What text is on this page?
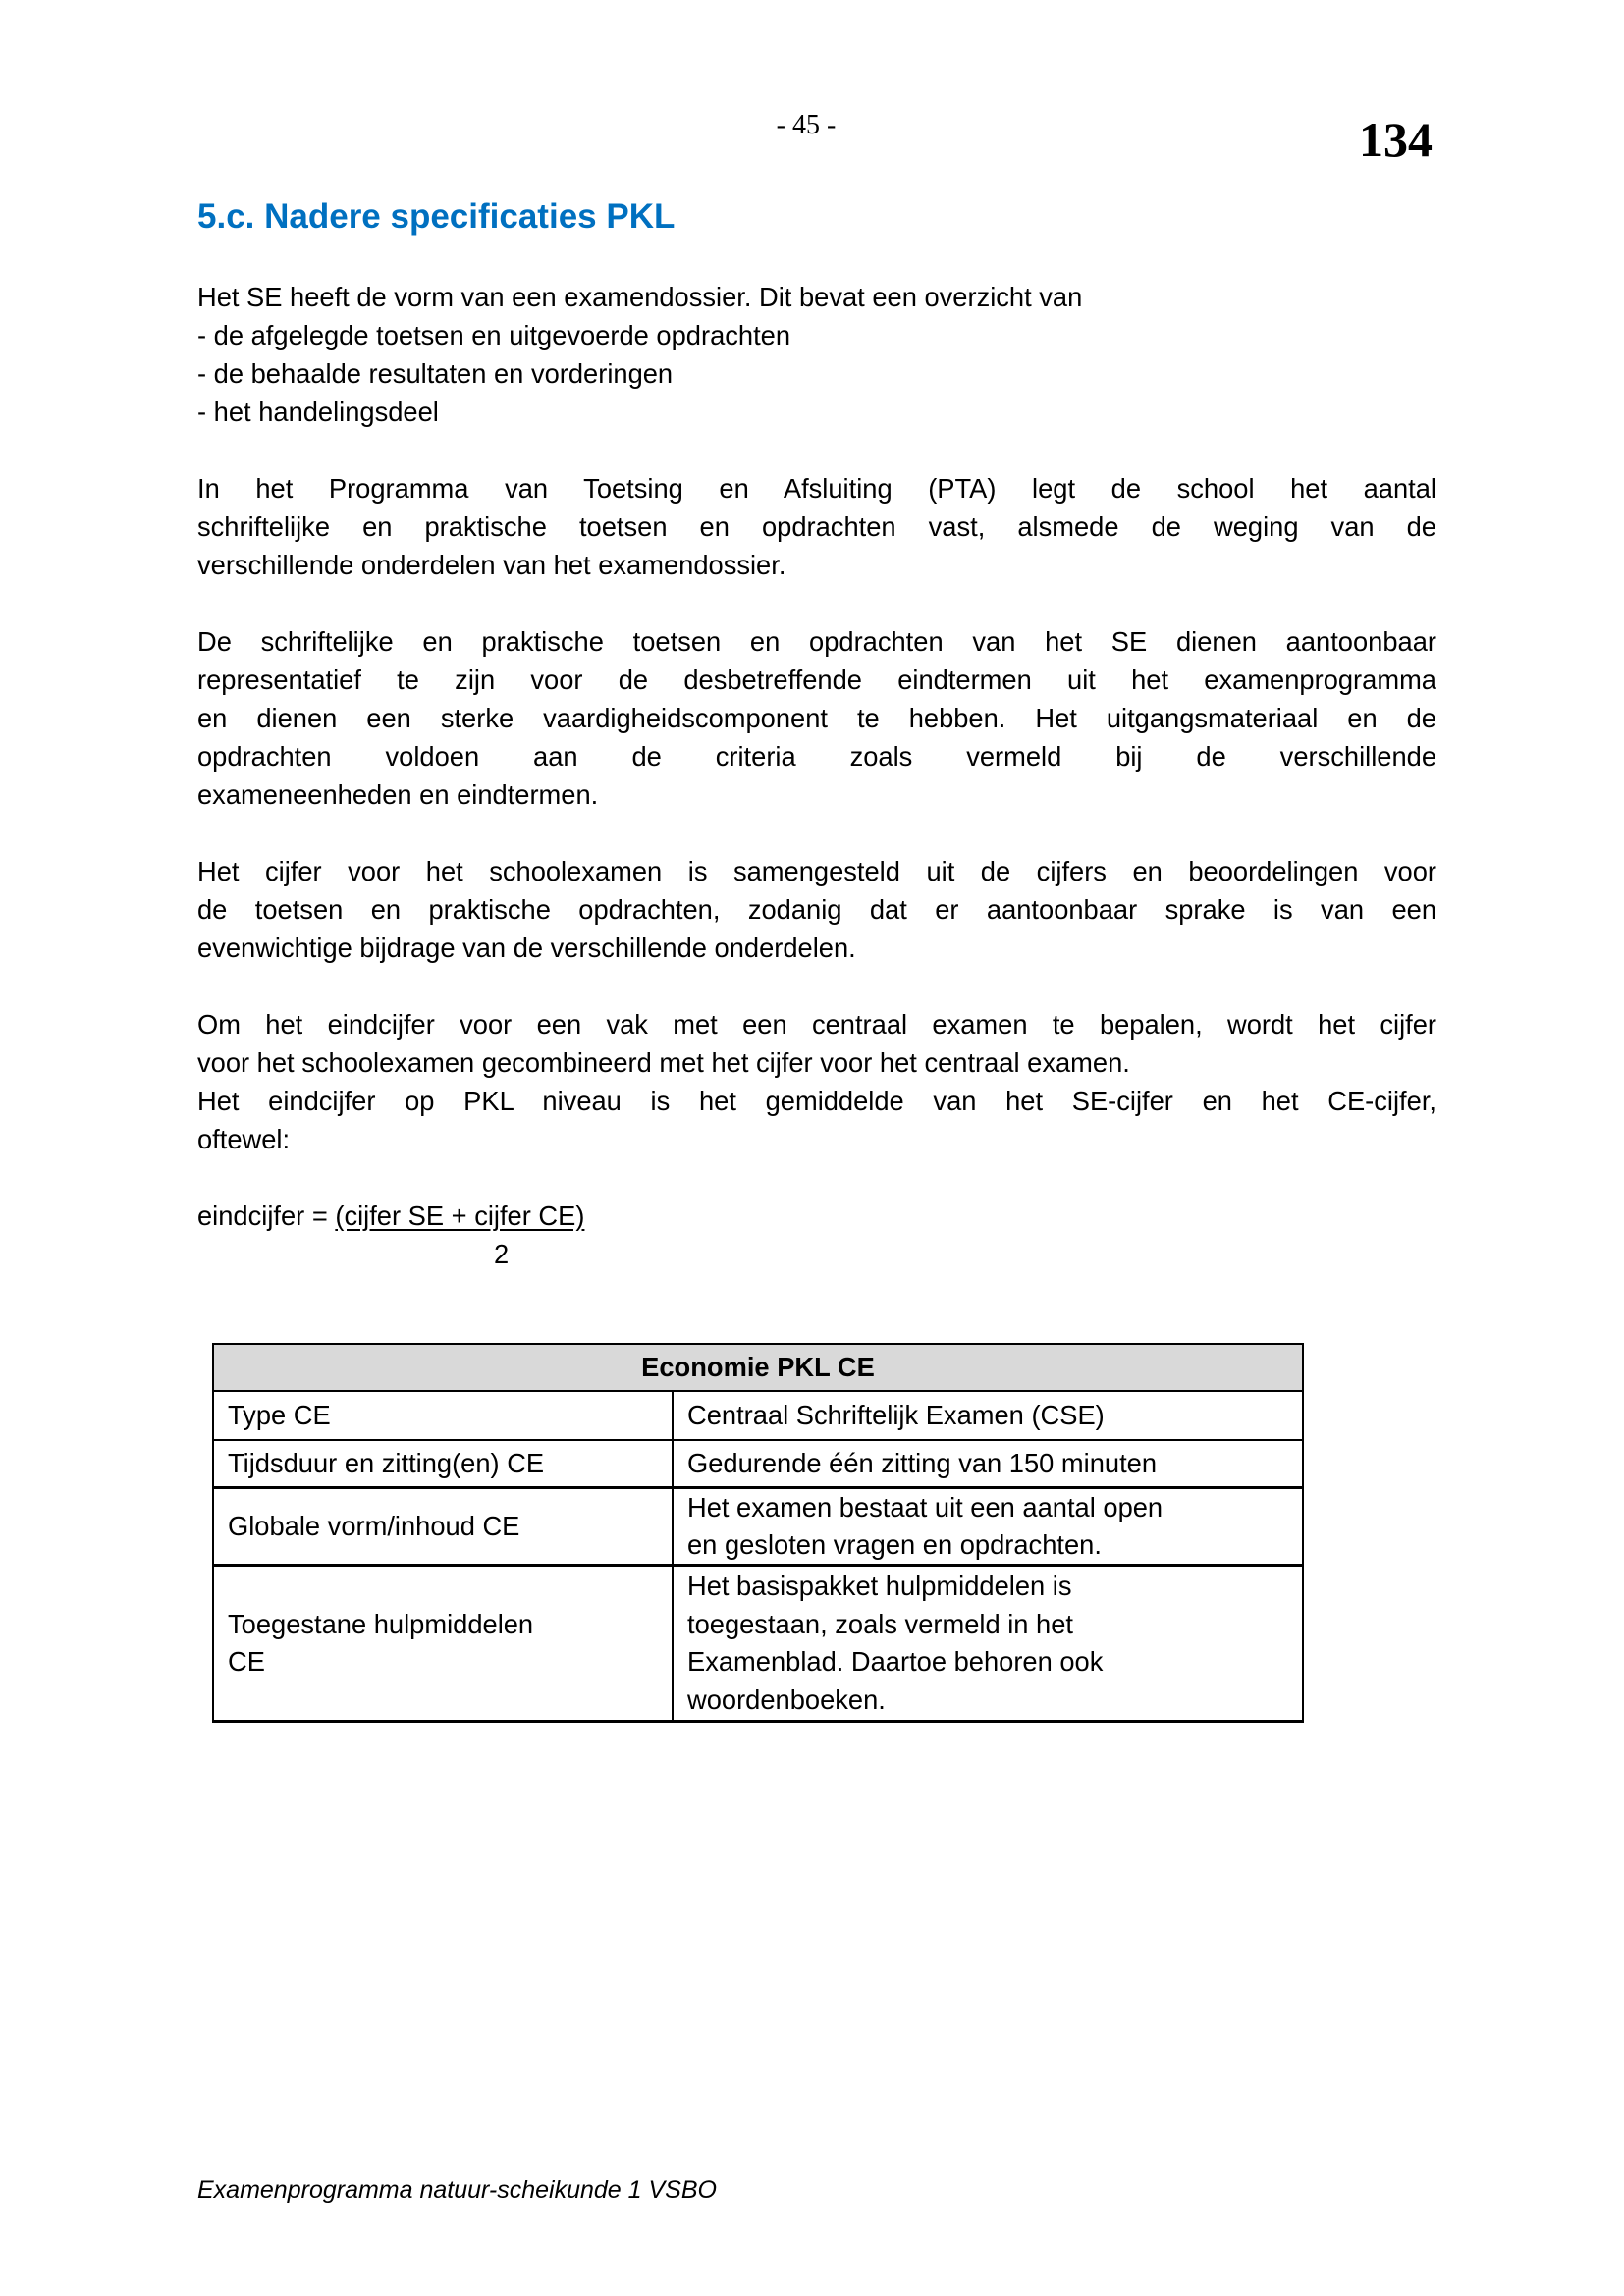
- 45 -	134
5.c. Nadere specificaties PKL
Het SE heeft de vorm van een examendossier. Dit bevat een overzicht van
- de afgelegde toetsen en uitgevoerde opdrachten
- de behaalde resultaten en vorderingen
- het handelingsdeel
In het Programma van Toetsing en Afsluiting (PTA) legt de school het aantal
schriftelijke en praktische toetsen en opdrachten vast, alsmede de weging van de
verschillende onderdelen van het examendossier.
De schriftelijke en praktische toetsen en opdrachten van het SE dienen aantoonbaar
representatief te zijn voor de desbetreffende eindtermen uit het examenprogramma
en dienen een sterke vaardigheidscomponent te hebben. Het uitgangsmateriaal en de
opdrachten voldoen aan de criteria zoals vermeld bij de verschillende
exameneenheden en eindtermen.
Het cijfer voor het schoolexamen is samengesteld uit de cijfers en beoordelingen voor
de toetsen en praktische opdrachten, zodanig dat er aantoonbaar sprake is van een
evenwichtige bijdrage van de verschillende onderdelen.
Om het eindcijfer voor een vak met een centraal examen te bepalen, wordt het cijfer
voor het schoolexamen gecombineerd met het cijfer voor het centraal examen.
Het eindcijfer op PKL niveau is het gemiddelde van het SE-cijfer en het CE-cijfer,
oftewel:
eindcijfer = (cijfer SE + cijfer CE)
2
Economie PKL CE	
Type CE	Centraal Schriftelijk Examen (CSE)

Tijdsduur en zitting(en) CE	Gedurende één zitting van 150 minuten

Globale vorm/inhoud CE	Het examen bestaat uit een aantal open
en gesloten vragen en opdrachten.

Toegestane hulpmiddelen
CE	Het basispakket hulpmiddelen is
toegestaan, zoals vermeld in het
Examenblad. Daartoe behoren ook
woordenboeken.
Examenprogramma natuur-scheikunde 1 VSBO
